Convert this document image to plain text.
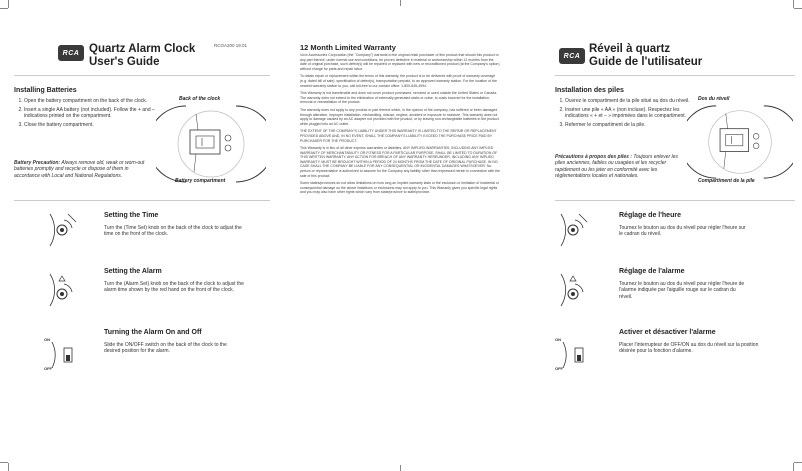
RCA Quartz Alarm Clock
User's Guide
RCOA200 19.01
Installing Batteries
1. Open the battery compartment on the back of the clock.
2. Insert a single AA battery (not included). Follow the + and – indications printed on the compartment.
3. Close the battery compartment.
Battery Precaution: Always remove old, weak or worn-out batteries promptly and recycle or dispose of them in accordance with Local and National Regulations.
Back of the clock
Battery compartment
Setting the Time
Turn the (Time Set) knob on the back of the clock to adjust the time on the front of the clock.
Setting the Alarm
Turn the (Alarm Set) knob on the back of the clock to adjust the alarm time shown by the red hand on the front of the clock.
ON
OFF
Turning the Alarm On and Off
Slide the ON/OFF switch on the back of the clock to the desired position for the alarm.
12 Month Limited Warranty

Voxx Accessories Corporation (the "Company") warrants to the original retail purchaser of this product that should this product or any part thereof, under normal use and conditions, be proven defective in material or workmanship within 12 months from the date of original purchase, such defect(s) will be repaired or replaced with new or reconditioned product (at the Company's option) without charge for parts and repair labor.

To obtain repair or replacement within the terms of this warranty, the product is to be delivered with proof of warranty coverage (e.g. dated bill of sale), specification of defect(s), transportation prepaid, to an approved warranty station. For the location of the nearest warranty station to you, call toll-free to our contact office: 1-800-645-4994.

This Warranty is not transferable and does not cover product purchased, serviced or used outside the United States or Canada. The warranty does not extend to the elimination of externally generated static or noise, to costs incurred for the installation, removal or reinstallation of the product.

The warranty does not apply to any product or part thereof which, in the opinion of the company, has suffered or been damaged through alteration, improper installation, mishandling, misuse, neglect, accident or exposure to moisture. This warranty does not apply to damage caused by an AC adapter not provided with the product, or by leaving non-rechargeable batteries in the product while plugged into an AC outlet.

THE EXTENT OF THE COMPANY'S LIABILITY UNDER THIS WARRANTY IS LIMITED TO THE REPAIR OR REPLACEMENT PROVIDED ABOVE AND, IN NO EVENT, SHALL THE COMPANY'S LIABILITY EXCEED THE PURCHASE PRICE PAID BY PURCHASER FOR THE PRODUCT.

This Warranty is in lieu of all other express warranties or liabilities. ANY IMPLIED WARRANTIES, INCLUDING ANY IMPLIED WARRANTY OF MERCHANTABILITY OR FITNESS FOR A PARTICULAR PURPOSE, SHALL BE LIMITED TO DURATION OF THIS WRITTEN WARRANTY. ANY ACTION FOR BREACH OF ANY WARRANTY HEREUNDER, INCLUDING ANY IMPLIED WARRANTY, MUST BE BROUGHT WITHIN A PERIOD OF 24 MONTHS FROM THE DATE OF ORIGINAL PURCHASE. IN NO CASE SHALL THE COMPANY BE LIABLE FOR ANY CONSEQUENTIAL OR INCIDENTAL DAMAGES WHATSOEVER. No person or representative is authorized to assume for the Company any liability other than expressed herein in connection with the sale of this product.

Some states/provinces do not allow limitations on how long an implied warranty lasts or the exclusion or limitation of incidental or consequential damage so the above limitations or exclusions may not apply to you. This Warranty gives you specific legal rights and you may also have other rights which vary from state/province to state/province.

RCA
Réveil à quartz
Guide de l'utilisateur
Installation des piles
1. Ouvrez le compartiment de la pile situé au dos du réveil.
2. Insérer une pile « AA » (non incluse). Respectez les indications « + et – » imprimées dans le compartiment.
3. Refermer le compartiment de la pile.
Précautions à propos des piles : Toujours enlever les piles anciennes, faibles ou usagées et les recycler rapidement ou les jeter en conformité avec les réglementations locales et nationales.
Dos du réveil
Compartiment de la pile
Réglage de l'heure
Tournez le bouton au dos du réveil pour régler l'heure sur le cadran du réveil.
Réglage de l'alarme
Tournez le bouton au dos du réveil pour régler l'heure de l'alarme indiquée par l'aiguille rouge sur le cadran du réveil.
ON
OFF
Activer et désactiver l'alarme
Placer l'interrupteur de OFF/ON au dos du réveil sur la position désirée pour la fonction d'alarme.
